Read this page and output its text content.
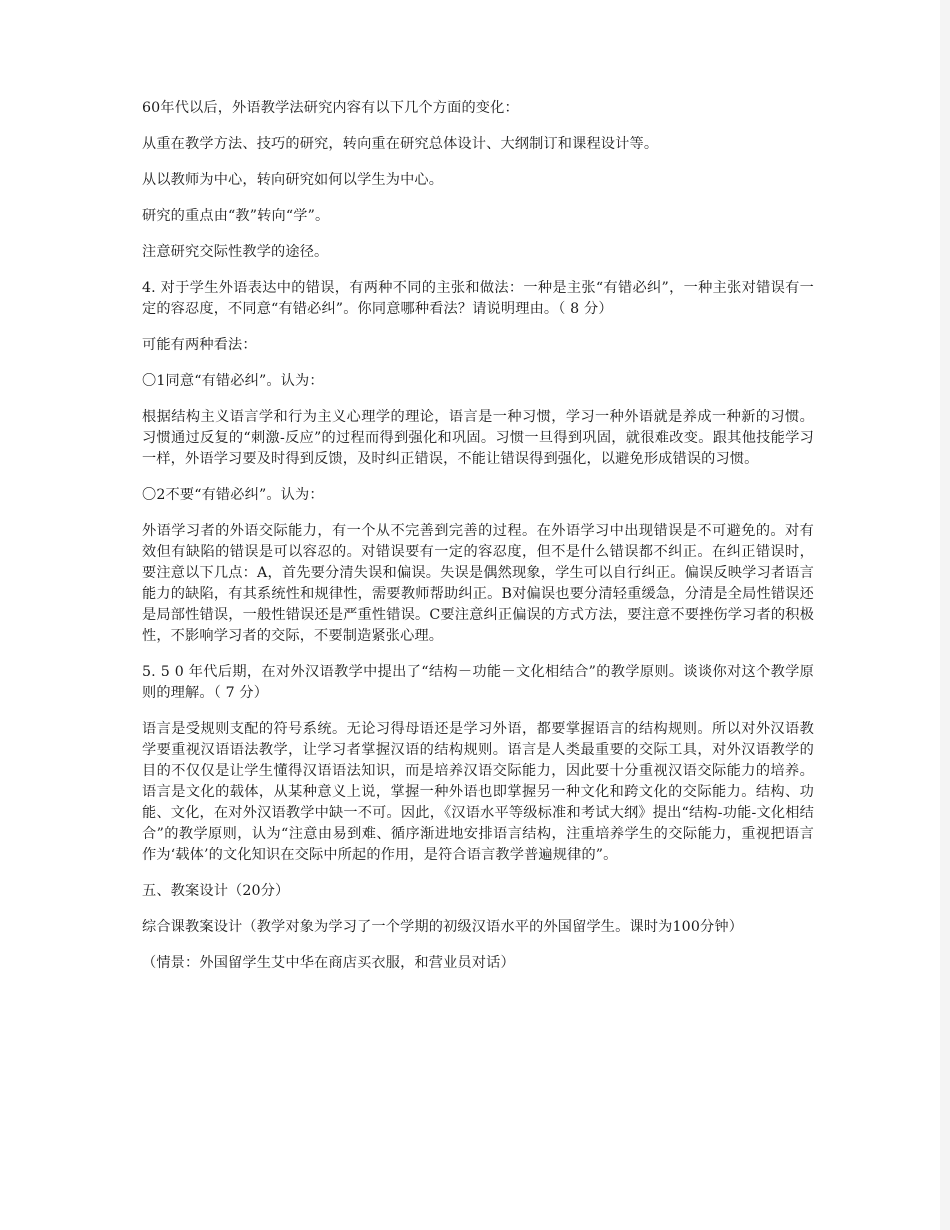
60年代以后，外语教学法研究内容有以下几个方面的变化：

从重在教学方法、技巧的研究，转向重在研究总体设计、大纲制订和课程设计等。

从以教师为中心，转向研究如何以学生为中心。

研究的重点由“教”转向“学”。

注意研究交际性教学的途径。

4. 对于学生外语表达中的错误，有两种不同的主张和做法：一种是主张“有错必纠”，一种主张对错误有一定的容忍度，不同意“有错必纠”。你同意哪种看法？请说明理由。（ 8 分）

可能有两种看法：

〇1同意“有错必纠”。认为：

根据结构主义语言学和行为主义心理学的理论，语言是一种习惯，学习一种外语就是养成一种新的习惯。习惯通过反复的“刺激-反应”的过程而得到强化和巩固。习惯一旦得到巩固，就很难改变。跟其他技能学习一样，外语学习要及时得到反馈，及时纠正错误，不能让错误得到强化，以避免形成错误的习惯。

〇2不要“有错必纠”。认为：

外语学习者的外语交际能力，有一个从不完善到完善的过程。在外语学习中出现错误是不可避免的。对有效但有缺陷的错误是可以容忍的。对错误要有一定的容忍度，但不是什么错误都不纠正。在纠正错误时，要注意以下几点：A，首先要分清失误和偏误。失误是偶然现象，学生可以自行纠正。偏误反映学习者语言能力的缺陷，有其系统性和规律性，需要教师帮助纠正。B对偏误也要分清轻重缓急，分清是全局性错误还是局部性错误，一般性错误还是严重性错误。C要注意纠正偏误的方式方法，要注意不要挫伤学习者的积极性，不影响学习者的交际，不要制造紧张心理。

5. 5 0 年代后期，在对外汉语教学中提出了“结构－功能－文化相结合”的教学原则。谈谈你对这个教学原则的理解。（ 7 分）

语言是受规则支配的符号系统。无论习得母语还是学习外语，都要掌握语言的结构规则。所以对外汉语教学要重视汉语语法教学，让学习者掌握汉语的结构规则。语言是人类最重要的交际工具，对外汉语教学的目的不仅仅是让学生懂得汉语语法知识，而是培养汉语交际能力，因此要十分重视汉语交际能力的培养。语言是文化的载体，从某种意义上说，掌握一种外语也即掌握另一种文化和跨文化的交际能力。结构、功能、文化，在对外汉语教学中缺一不可。因此，《汉语水平等级标准和考试大纲》提出“结构-功能-文化相结合”的教学原则，认为“注意由易到难、循序渐进地安排语言结构，注重培养学生的交际能力，重视把语言作为‘载体’的文化知识在交际中所起的作用，是符合语言教学普遍规律的”。

五、教案设计（20分）

综合课教案设计（教学对象为学习了一个学期的初级汉语水平的外国留学生。课时为100分钟）

（情景：外国留学生艾中华在商店买衣服，和营业员对话）
